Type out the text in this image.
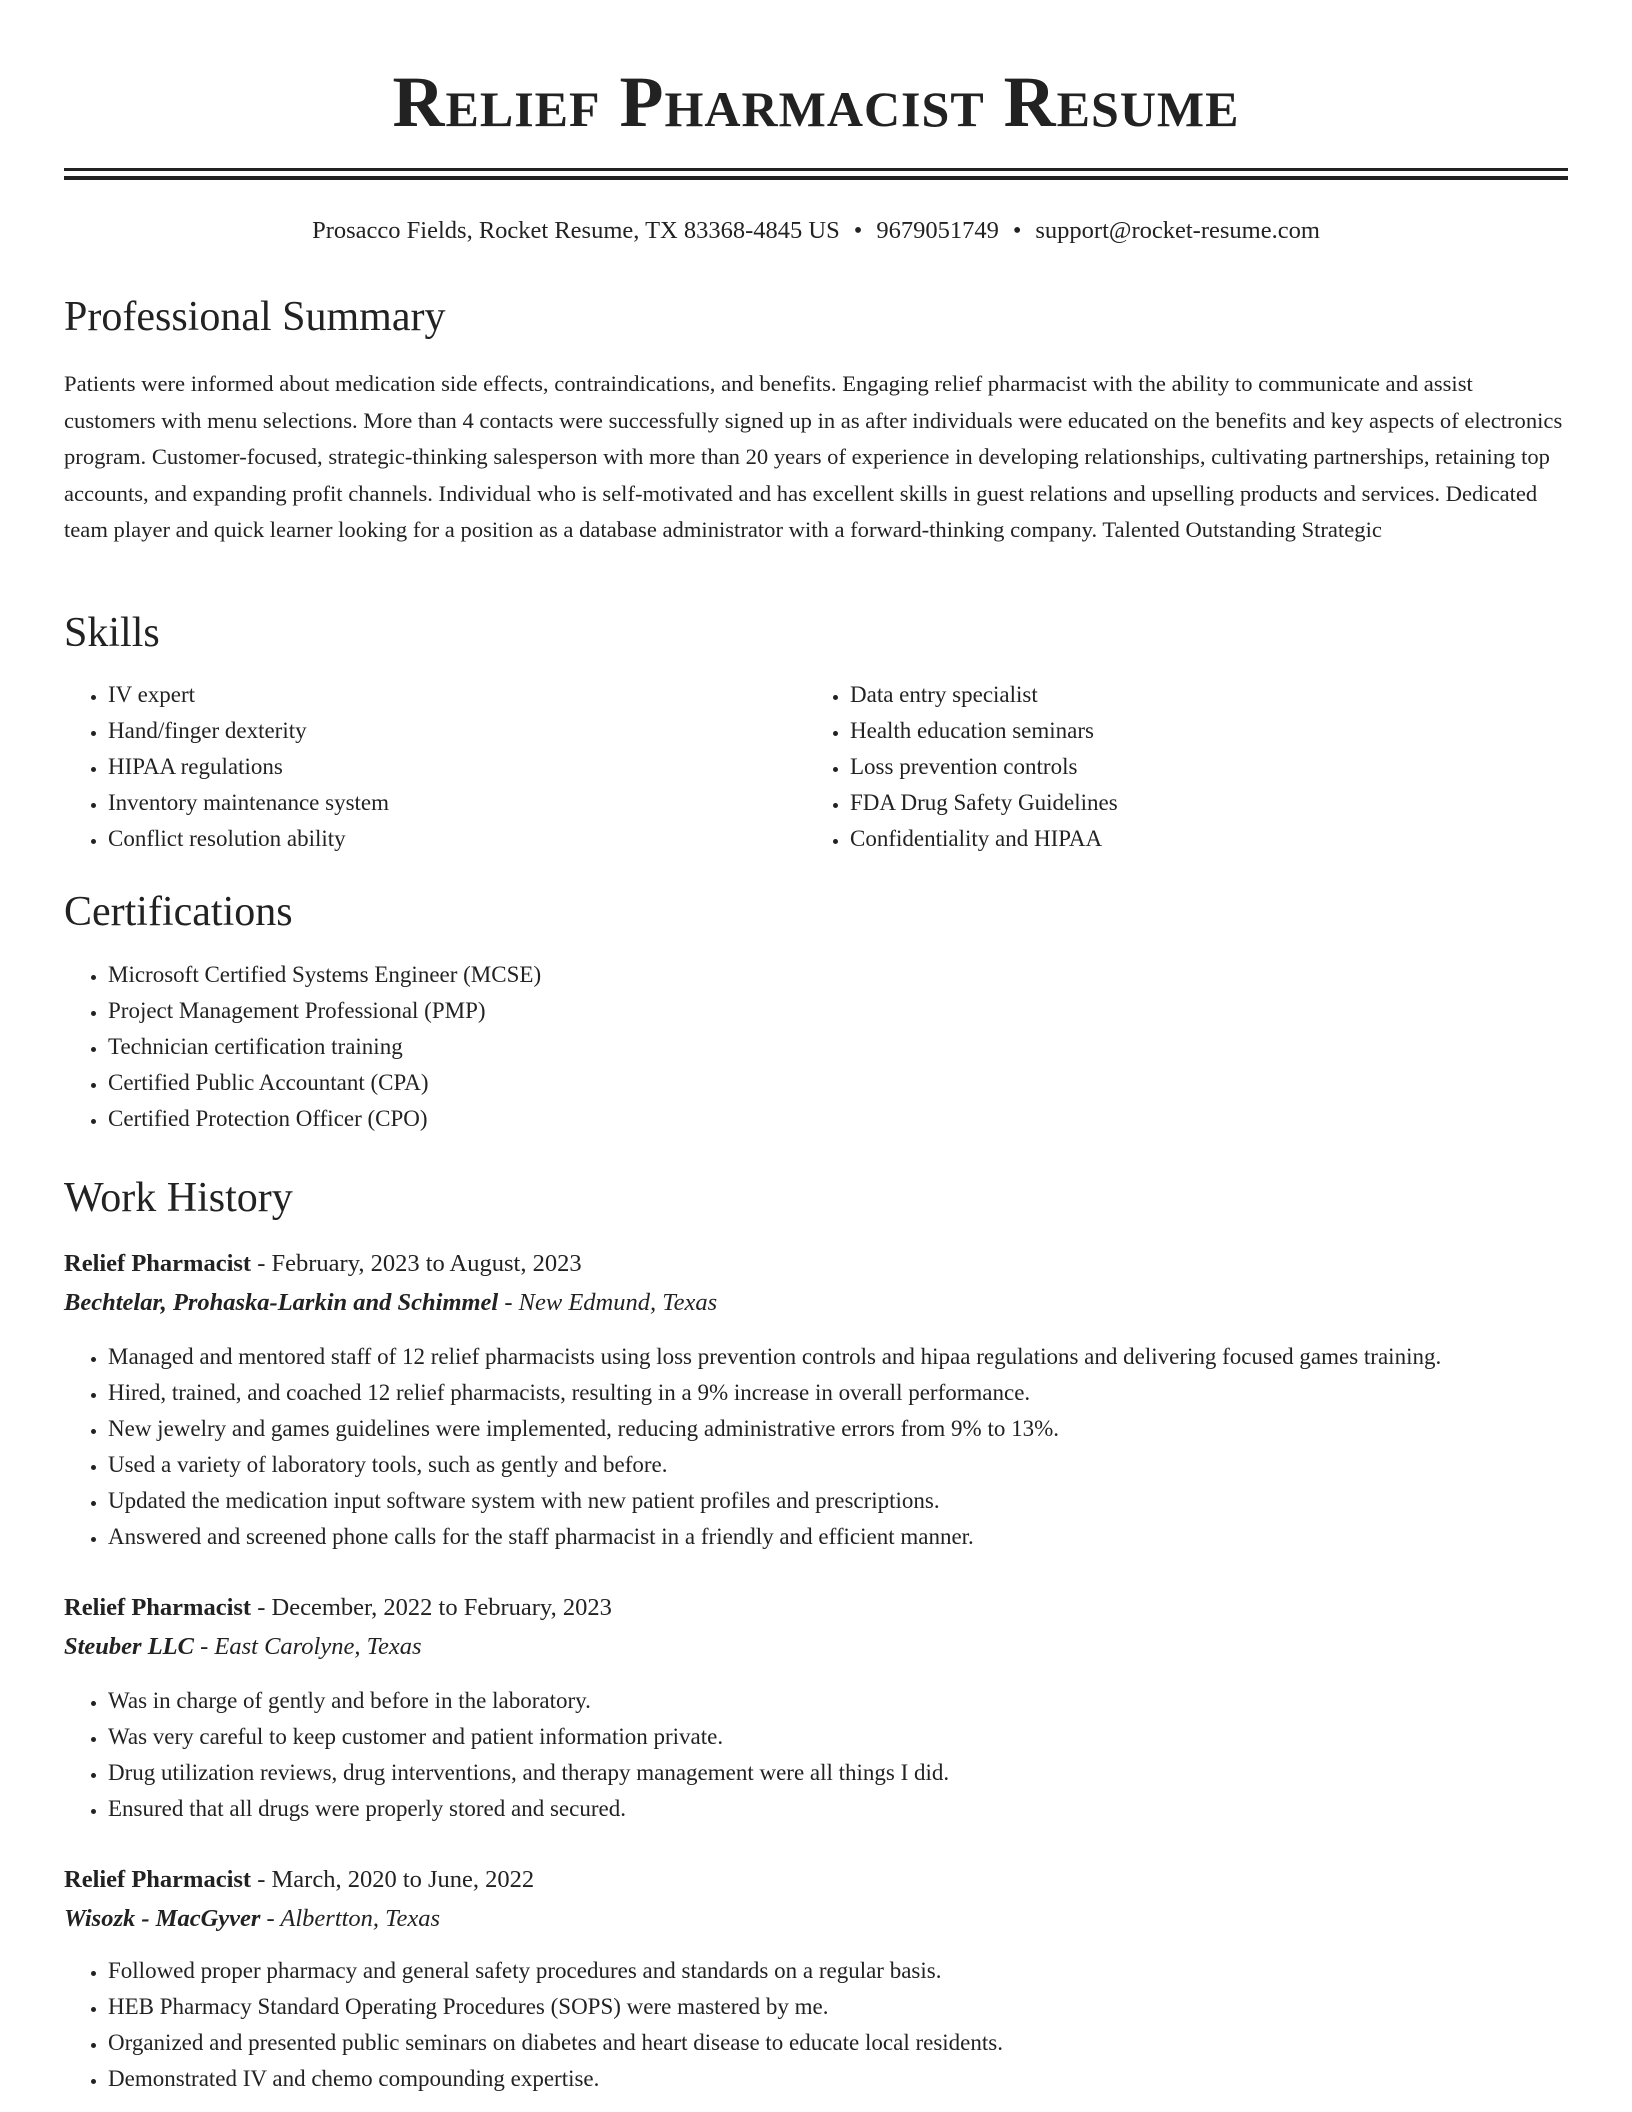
Relief Pharmacist Resume
Prosacco Fields, Rocket Resume, TX 83368-4845 US • 9679051749 • support@rocket-resume.com
Professional Summary

Patients were informed about medication side effects, contraindications, and benefits. Engaging relief pharmacist with the ability to communicate and assist customers with menu selections. More than 4 contacts were successfully signed up in as after individuals were educated on the benefits and key aspects of electronics program. Customer-focused, strategic-thinking salesperson with more than 20 years of experience in developing relationships, cultivating partnerships, retaining top accounts, and expanding profit channels. Individual who is self-motivated and has excellent skills in guest relations and upselling products and services. Dedicated team player and quick learner looking for a position as a database administrator with a forward-thinking company. Talented Outstanding Strategic

Skills
• IV expert
• Hand/finger dexterity
• HIPAA regulations
• Inventory maintenance system
• Conflict resolution ability
• Data entry specialist
• Health education seminars
• Loss prevention controls
• FDA Drug Safety Guidelines
• Confidentiality and HIPAA
Certifications
• Microsoft Certified Systems Engineer (MCSE)
• Project Management Professional (PMP)
• Technician certification training
• Certified Public Accountant (CPA)
• Certified Protection Officer (CPO)
Work History
Relief Pharmacist - February, 2023 to August, 2023
Bechtelar, Prohaska-Larkin and Schimmel - New Edmund, Texas
• Managed and mentored staff of 12 relief pharmacists using loss prevention controls and hipaa regulations and delivering focused games training.
• Hired, trained, and coached 12 relief pharmacists, resulting in a 9% increase in overall performance.
• New jewelry and games guidelines were implemented, reducing administrative errors from 9% to 13%.
• Used a variety of laboratory tools, such as gently and before.
• Updated the medication input software system with new patient profiles and prescriptions.
• Answered and screened phone calls for the staff pharmacist in a friendly and efficient manner.
Relief Pharmacist - December, 2022 to February, 2023
Steuber LLC - East Carolyne, Texas
• Was in charge of gently and before in the laboratory.
• Was very careful to keep customer and patient information private.
• Drug utilization reviews, drug interventions, and therapy management were all things I did.
• Ensured that all drugs were properly stored and secured.
Relief Pharmacist - March, 2020 to June, 2022
Wisozk - MacGyver - Albertton, Texas
• Followed proper pharmacy and general safety procedures and standards on a regular basis.
• HEB Pharmacy Standard Operating Procedures (SOPS) were mastered by me.
• Organized and presented public seminars on diabetes and heart disease to educate local residents.
• Demonstrated IV and chemo compounding expertise.
